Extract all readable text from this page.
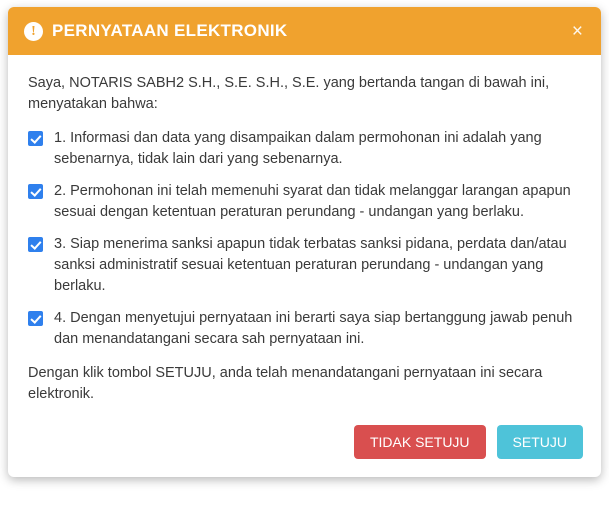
! PERNYATAAN ELEKTRONIK	×

Saya, NOTARIS SABH2 S.H., S.E. S.H., S.E. yang bertanda tangan di bawah ini, menyatakan bahwa:

1. Informasi dan data yang disampaikan dalam permohonan ini adalah yang sebenarnya, tidak lain dari yang sebenarnya.
2. Permohonan ini telah memenuhi syarat dan tidak melanggar larangan apapun sesuai dengan ketentuan peraturan perundang - undangan yang berlaku.
3. Siap menerima sanksi apapun tidak terbatas sanksi pidana, perdata dan/atau sanksi administratif sesuai ketentuan peraturan perundang - undangan yang berlaku.
4. Dengan menyetujui pernyataan ini berarti saya siap bertanggung jawab penuh dan menandatangani secara sah pernyataan ini.

Dengan klik tombol SETUJU, anda telah menandatangani pernyataan ini secara elektronik.

TIDAK SETUJU	SETUJU
